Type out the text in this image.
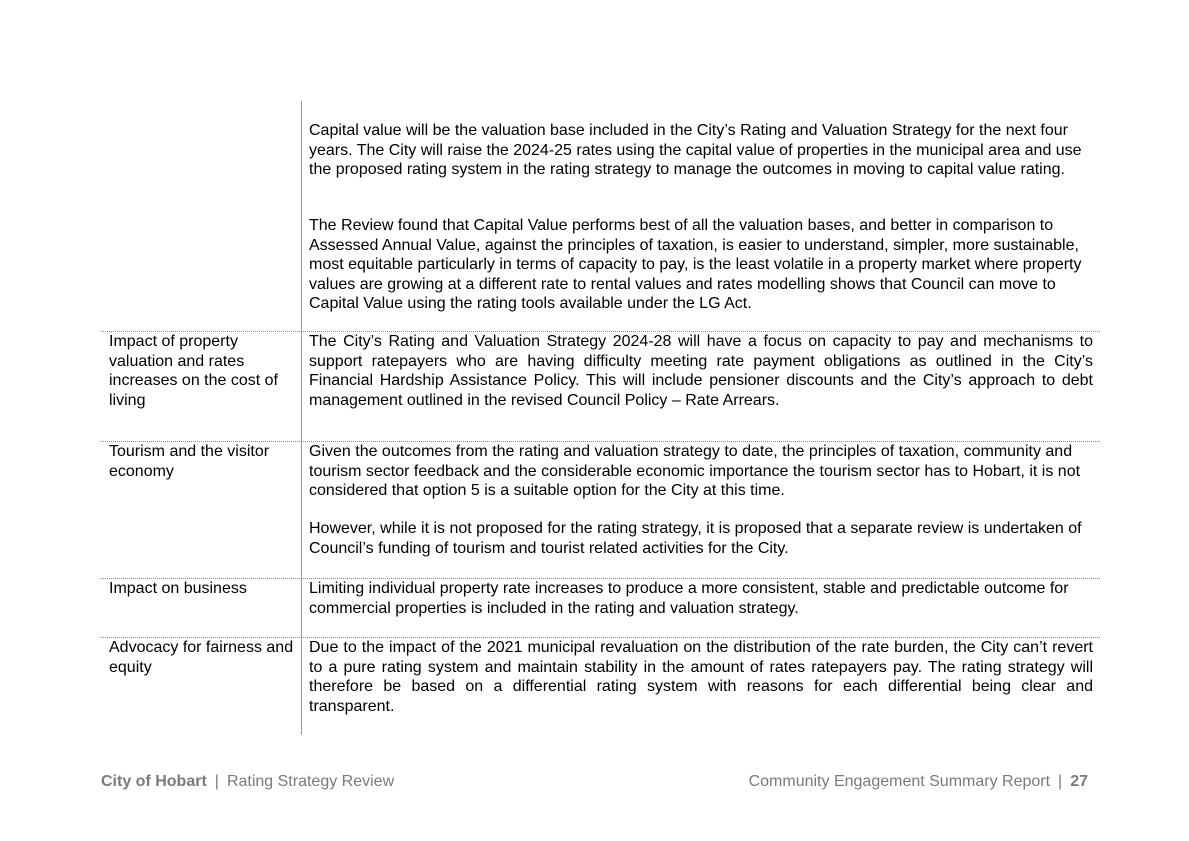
Capital value will be the valuation base included in the City’s Rating and Valuation Strategy for the next four years. The City will raise the 2024-25 rates using the capital value of properties in the municipal area and use the proposed rating system in the rating strategy to manage the outcomes in moving to capital value rating.

The Review found that Capital Value performs best of all the valuation bases, and better in comparison to Assessed Annual Value, against the principles of taxation, is easier to understand, simpler, more sustainable, most equitable particularly in terms of capacity to pay, is the least volatile in a property market where property values are growing at a different rate to rental values and rates modelling shows that Council can move to Capital Value using the rating tools available under the LG Act.

Impact of property valuation and rates increases on the cost of living

The City’s Rating and Valuation Strategy 2024-28 will have a focus on capacity to pay and mechanisms to support ratepayers who are having difficulty meeting rate payment obligations as outlined in the City’s Financial Hardship Assistance Policy. This will include pensioner discounts and the City’s approach to debt management outlined in the revised Council Policy – Rate Arrears.

Tourism and the visitor economy

Given the outcomes from the rating and valuation strategy to date, the principles of taxation, community and tourism sector feedback and the considerable economic importance the tourism sector has to Hobart, it is not considered that option 5 is a suitable option for the City at this time.

However, while it is not proposed for the rating strategy, it is proposed that a separate review is undertaken of Council’s funding of tourism and tourist related activities for the City.

Impact on business	Limiting individual property rate increases to produce a more consistent, stable and predictable outcome for commercial properties is included in the rating and valuation strategy.

Advocacy for fairness and equity

Due to the impact of the 2021 municipal revaluation on the distribution of the rate burden, the City can’t revert to a pure rating system and maintain stability in the amount of rates ratepayers pay. The rating strategy will therefore be based on a differential rating system with reasons for each differential being clear and transparent.

City of Hobart | Rating Strategy Review	Community Engagement Summary Report | 27
